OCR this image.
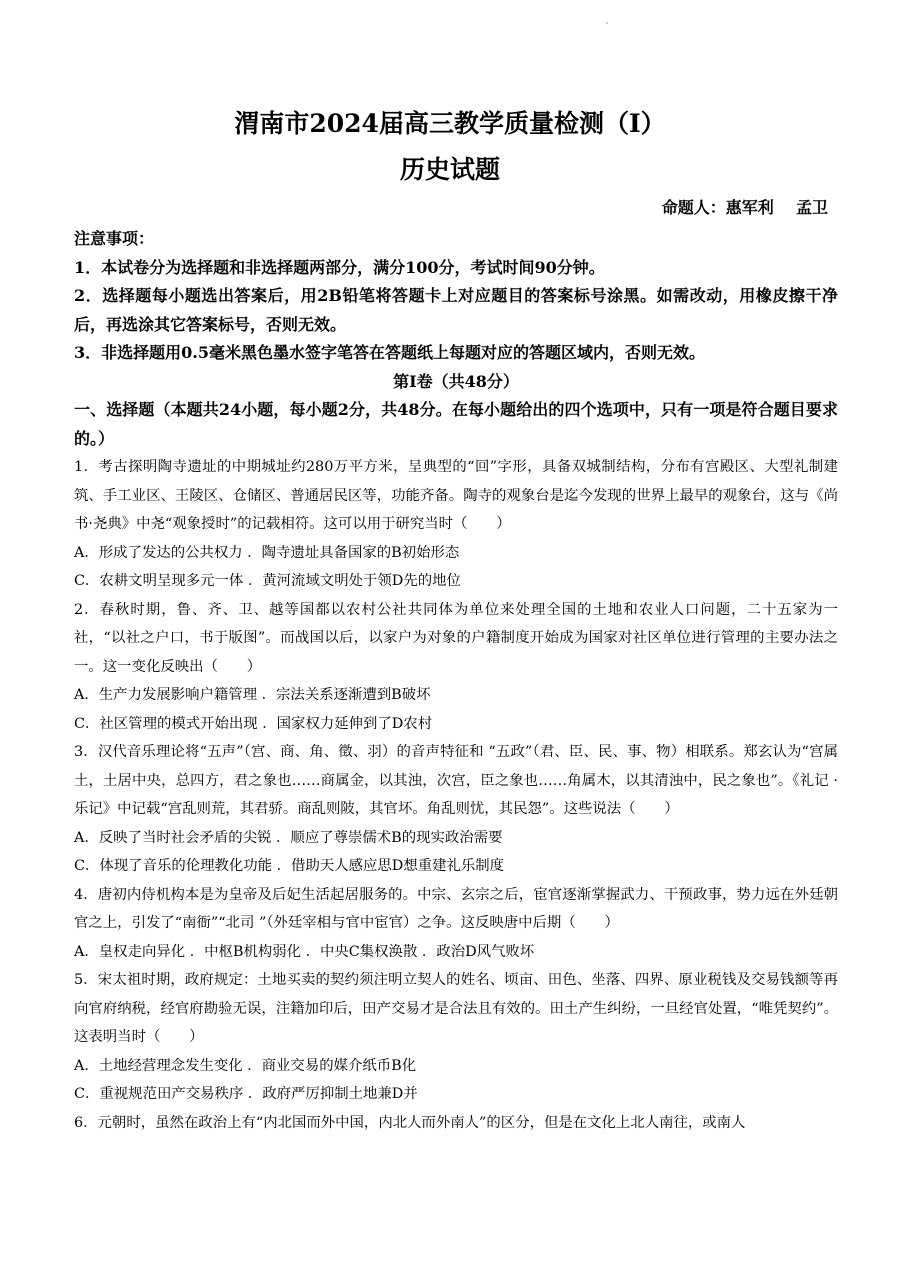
渭南市2024届高三教学质量检测（Ⅰ）
历史试题
命题人：惠军利    孟卫
注意事项：
1．本试卷分为选择题和非选择题两部分，满分100分，考试时间90分钟。
2．选择题每小题选出答案后，用2B铅笔将答题卡上对应题目的答案标号涂黑。如需改动，用橡皮擦干净后，再选涂其它答案标号，否则无效。
3．非选择题用0.5毫米黑色墨水签字笔答在答题纸上每题对应的答题区域内，否则无效。
第Ⅰ卷（共48分）
一、选择题（本题共24小题，每小题2分，共48分。在每小题给出的四个选项中，只有一项是符合题目要求的。）
1．考古探明陶寺遗址的中期城址约280万平方米，呈典型的“回”字形，具备双城制结构，分布有宫殿区、大型礼制建筑、手工业区、王陵区、仓储区、普通居民区等，功能齐备。陶寺的观象台是迄今发现的世界上最早的观象台，这与《尚书·尧典》中尧“观象授时”的记载相符。这可以用于研究当时（　　）
A．形成了发达的公共权力 ．陶寺遗址具备国家的B初始形态
C．农耕文明呈现多元一体 ．黄河流域文明处于领D先的地位
2．春秋时期，鲁、齐、卫、越等国都以农村公社共同体为单位来处理全国的土地和农业人口问题，二十五家为一社，“以社之户口，书于版图”。而战国以后，以家户为对象的户籍制度开始成为国家对社区单位进行管理的主要办法之一。这一变化反映出（　　）
A．生产力发展影响户籍管理 ．宗法关系逐渐遭到B破坏
C．社区管理的模式开始出现 ．国家权力延伸到了D农村
3．汉代音乐理论将“五声”（宫、商、角、徵、羽）的音声特征和 “五政”（君、臣、民、事、物）相联系。郑玄认为“宫属土，土居中央，总四方，君之象也……商属金，以其浊，次宫，臣之象也……角属木，以其清浊中，民之象也”。《礼记 ·乐记》中记载“宫乱则荒，其君骄。商乱则陂，其官坏。角乱则忧，其民怨”。这些说法（　　）
A．反映了当时社会矛盾的尖锐 ．顺应了尊崇儒术B的现实政治需要
C．体现了音乐的伦理教化功能 ．借助天人感应思D想重建礼乐制度
4．唐初内侍机构本是为皇帝及后妃生活起居服务的。中宗、玄宗之后，宦官逐渐掌握武力、干预政事，势力远在外廷朝官之上，引发了“南衙”“北司 ”（外廷宰相与官中宦官）之争。这反映唐中后期（　　）
A．皇权走向异化 ．中枢B机构弱化 ．中央C集权涣散 ．政治D风气败坏
5．宋太祖时期，政府规定：土地买卖的契约须注明立契人的姓名、顷亩、田色、坐落、四界、原业税钱及交易钱额等再向官府纳税，经官府勘验无误，注籍加印后，田产交易才是合法且有效的。田土产生纠纷，一旦经官处置，“唯凭契约”。这表明当时（　　）
A．土地经营理念发生变化 ．商业交易的媒介纸币B化
C．重视规范田产交易秩序 ．政府严厉抑制土地兼D并
6．元朝时，虽然在政治上有“内北国而外中国，内北人而外南人”的区分，但是在文化上北人南往，或南人
